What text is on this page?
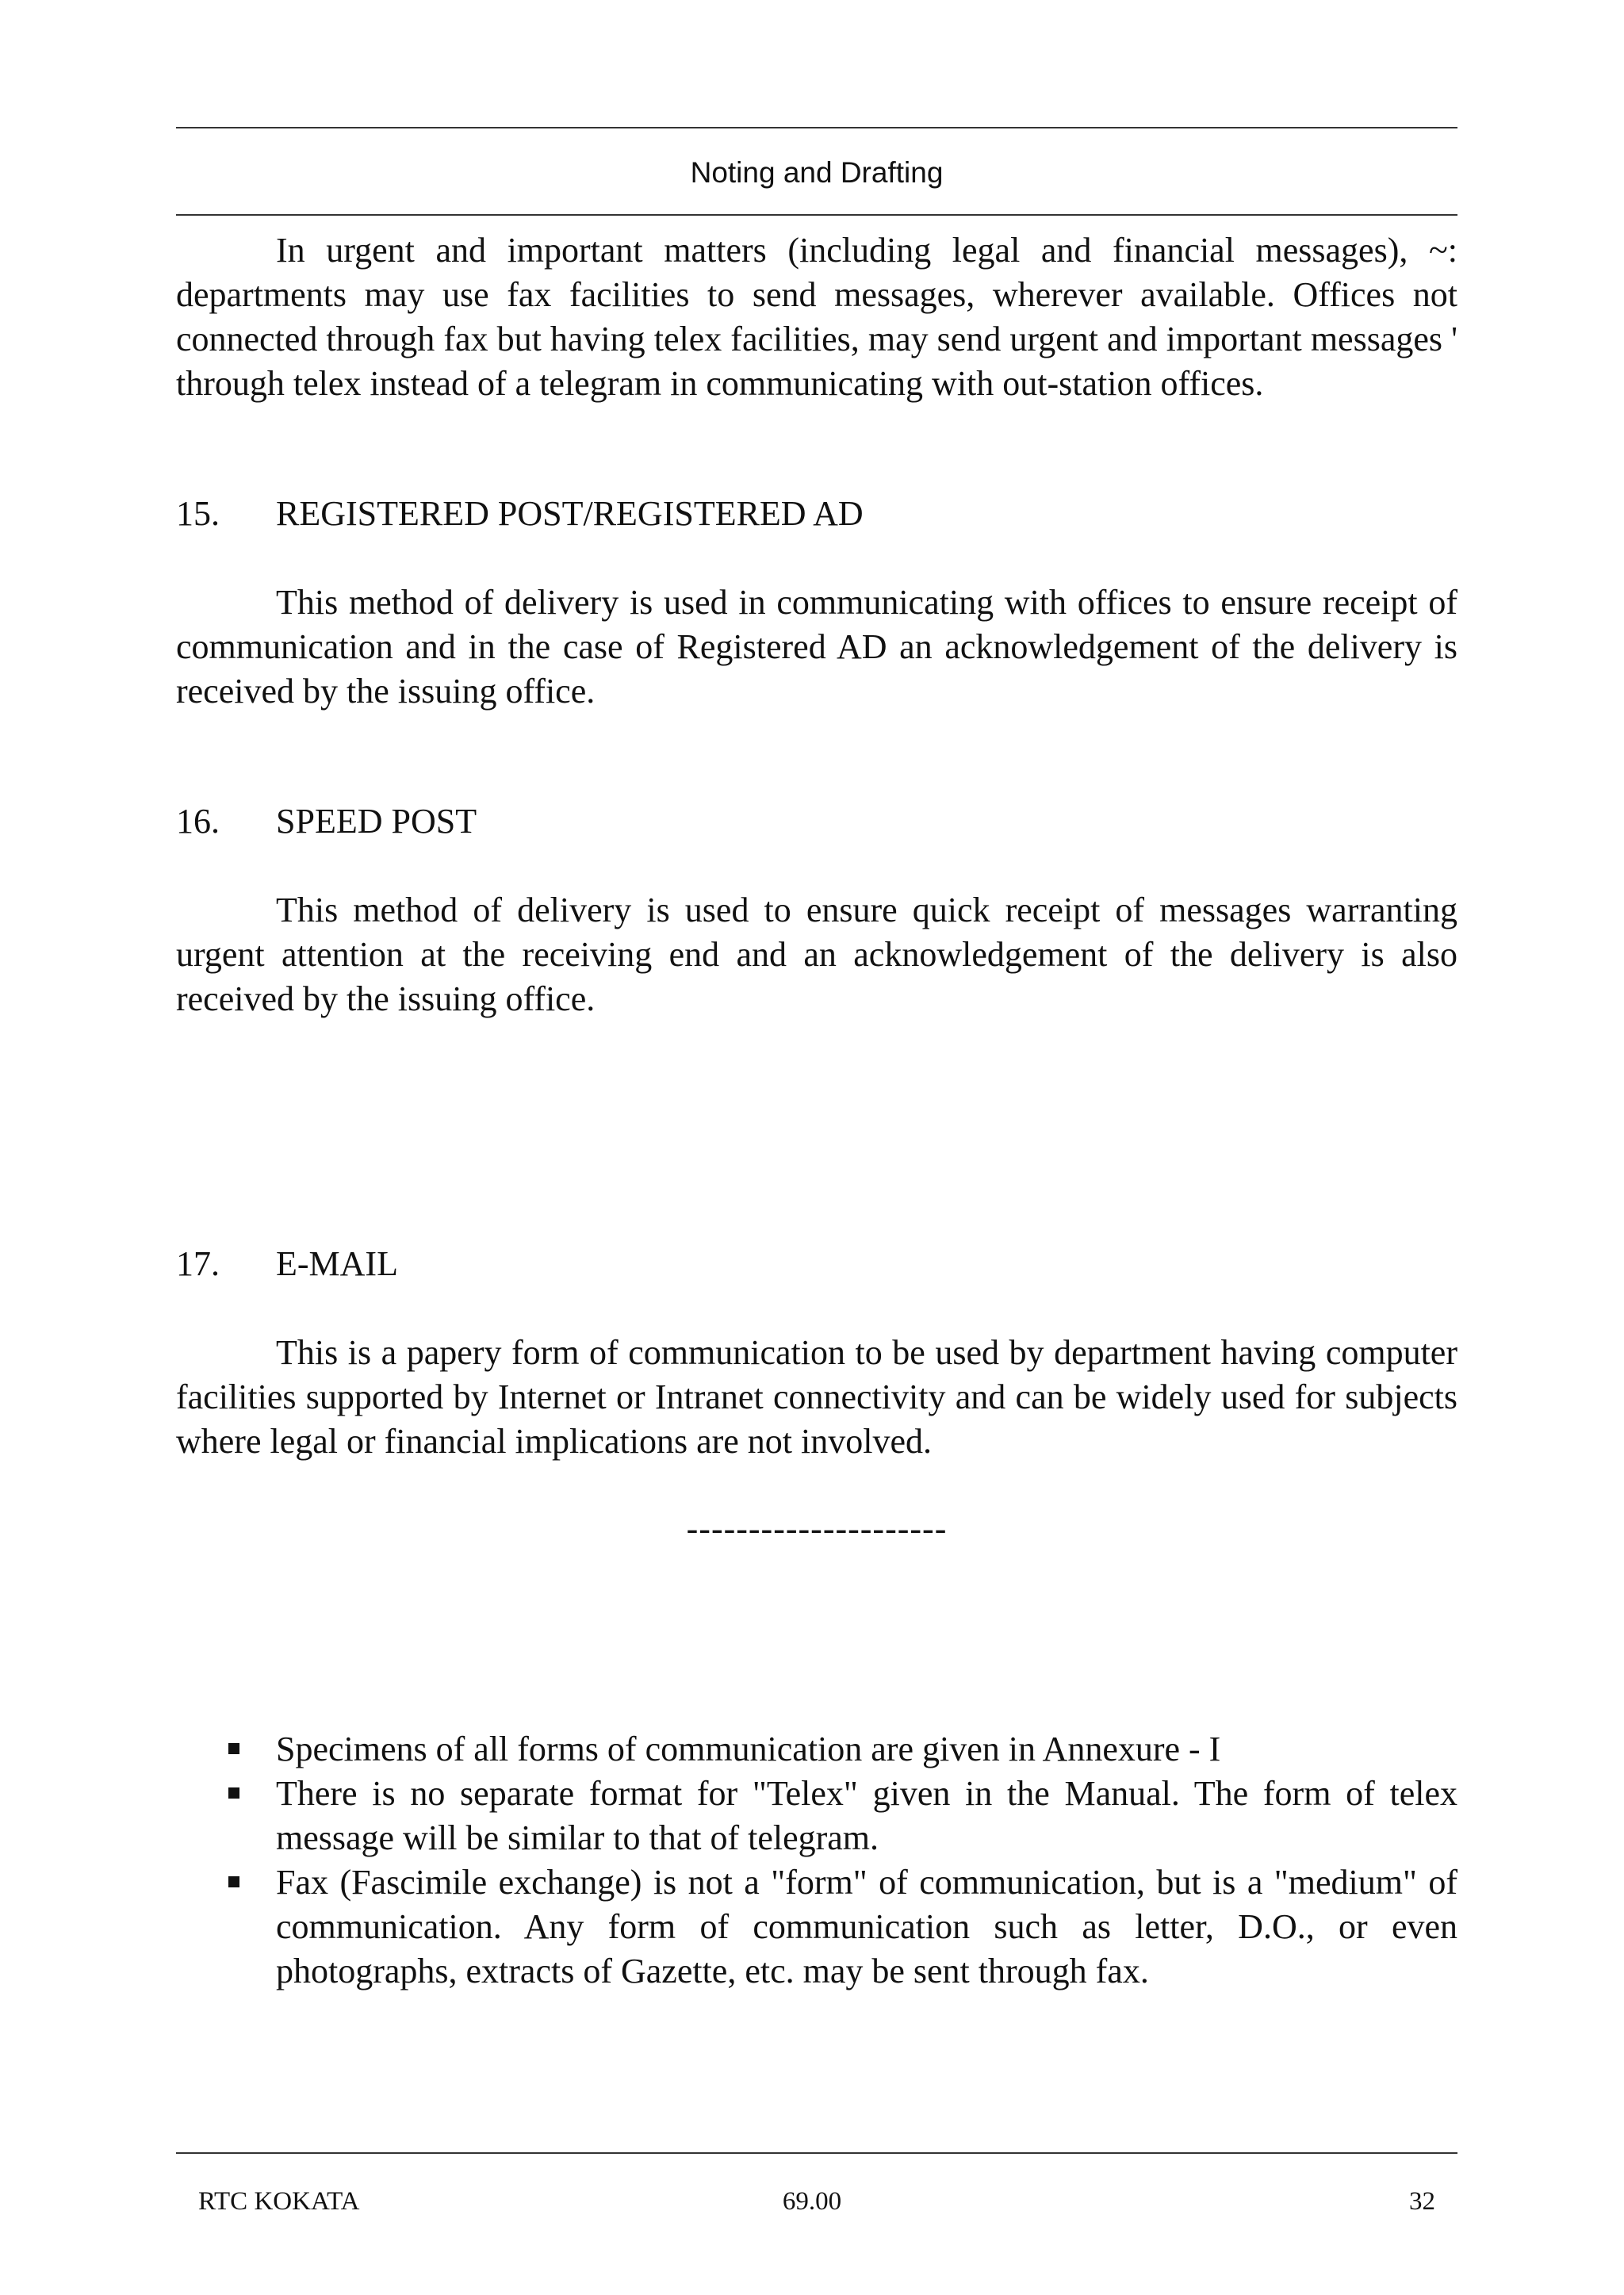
Noting and Drafting

In urgent and important matters (including legal and financial messages), ~: departments may use fax facilities to send messages, wherever available. Offices not connected through fax but having telex facilities, may send urgent and important messages ' through telex instead of a telegram in communicating with out-station offices.

15. REGISTERED POST/REGISTERED AD

This method of delivery is used in communicating with offices to ensure receipt of communication and in the case of Registered AD an acknowledgement of the delivery is received by the issuing office.

16. SPEED POST

This method of delivery is used to ensure quick receipt of messages warranting urgent attention at the receiving end and an acknowledgement of the delivery is also received by the issuing office.

17. E-MAIL

This is a papery form of communication to be used by department having computer facilities supported by Internet or Intranet connectivity and can be widely used for subjects where legal or financial implications are not involved.

---------------------
Specimens of all forms of communication are given in Annexure - I
There is no separate format for "Telex" given in the Manual. The form of telex message will be similar to that of telegram.
Fax (Fascimile exchange) is not a "form" of communication, but is a "medium" of communication. Any form of communication such as letter, D.O., or even photographs, extracts of Gazette, etc. may be sent through fax.
RTC KOKATA	69.00	32
